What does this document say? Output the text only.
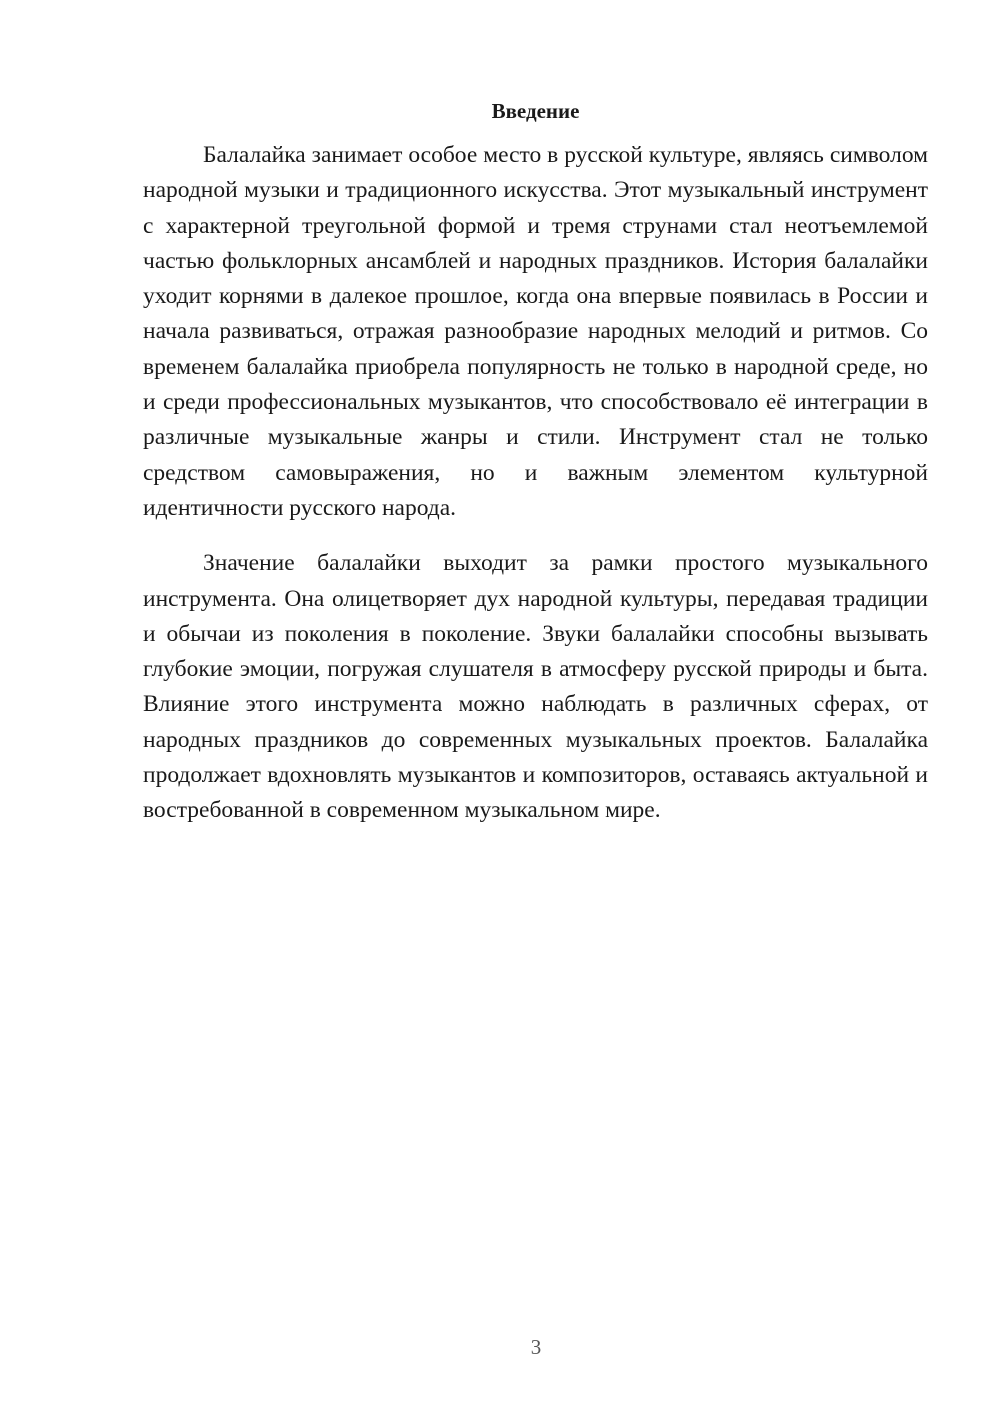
Введение

Балалайка занимает особое место в русской культуре, являясь символом народной музыки и традиционного искусства. Этот музыкальный инструмент с характерной треугольной формой и тремя струнами стал неотъемлемой частью фольклорных ансамблей и народных праздников. История балалайки уходит корнями в далекое прошлое, когда она впервые появилась в России и начала развиваться, отражая разнообразие народных мелодий и ритмов. Со временем балалайка приобрела популярность не только в народной среде, но и среди профессиональных музыкантов, что способствовало её интеграции в различные музыкальные жанры и стили. Инструмент стал не только средством самовыражения, но и важным элементом культурной идентичности русского народа.

Значение балалайки выходит за рамки простого музыкального инструмента. Она олицетворяет дух народной культуры, передавая традиции и обычаи из поколения в поколение. Звуки балалайки способны вызывать глубокие эмоции, погружая слушателя в атмосферу русской природы и быта. Влияние этого инструмента можно наблюдать в различных сферах, от народных праздников до современных музыкальных проектов. Балалайка продолжает вдохновлять музыкантов и композиторов, оставаясь актуальной и востребованной в современном музыкальном мире.

3
